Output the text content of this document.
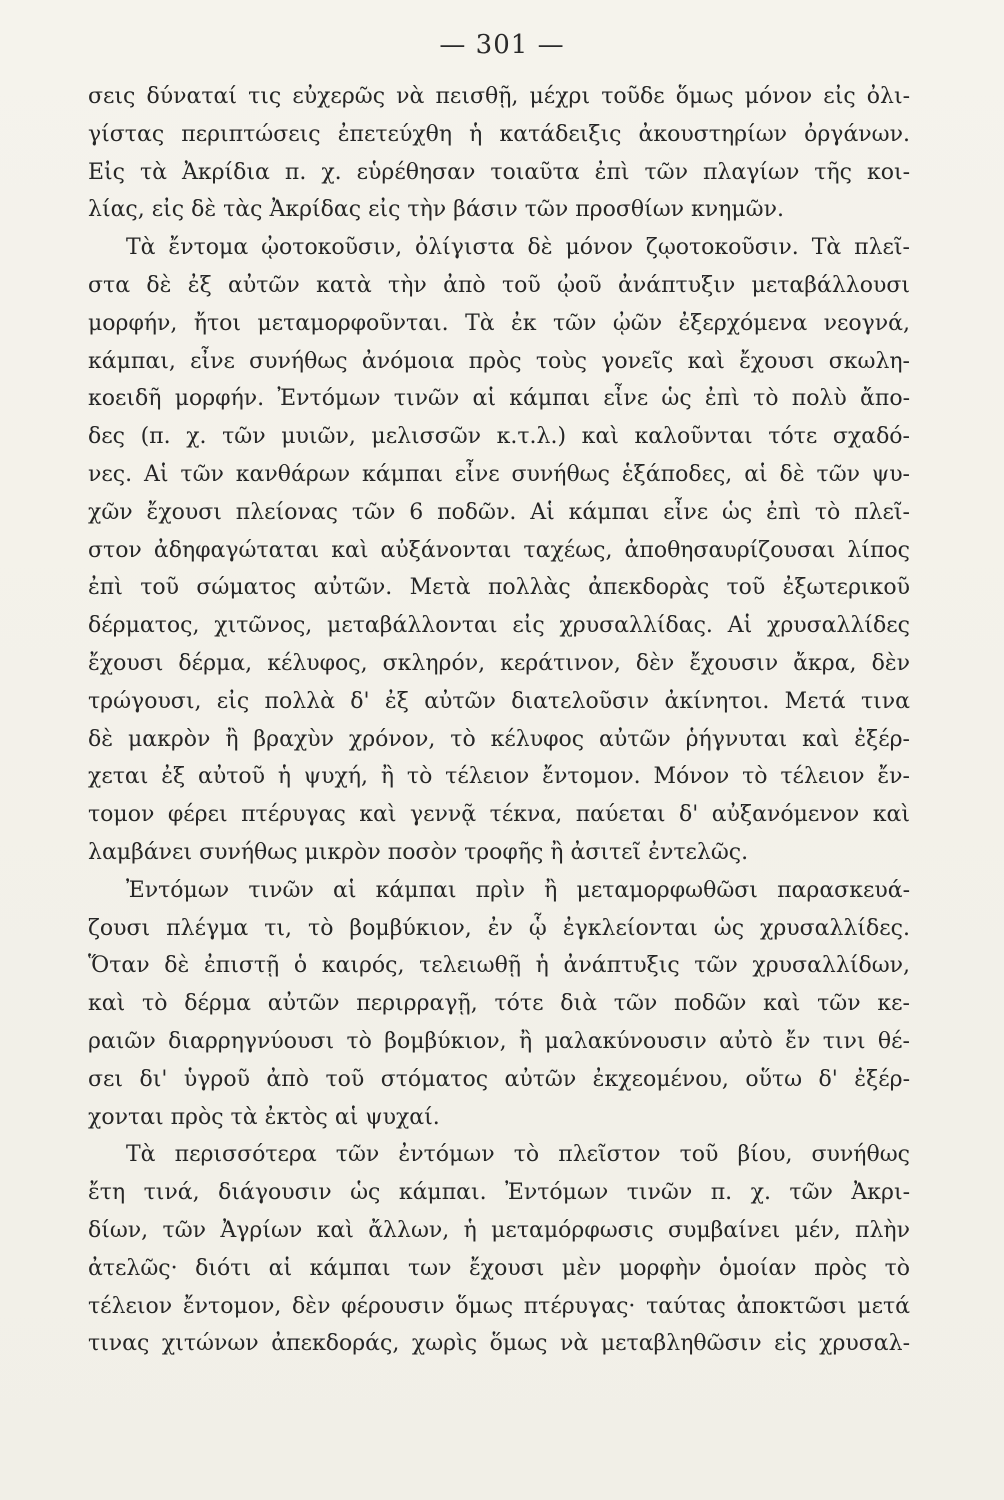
— 301 —
σεις δύναταί τις εὐχερῶς νὰ πεισθῇ, μέχρι τοῦδε ὅμως μόνον εἰς ὀλι-
γίστας περιπτώσεις ἐπετεύχθη ἡ κατάδειξις ἀκουστηρίων ὀργάνων.
Εἰς τὰ Ἀκρίδια π. χ. εὑρέθησαν τοιαῦτα ἐπὶ τῶν πλαγίων τῆς κοι-
λίας, εἰς δὲ τὰς Ἀκρίδας εἰς τὴν βάσιν τῶν προσθίων κνημῶν.
Τὰ ἔντομα ᾠοτοκοῦσιν, ὀλίγιστα δὲ μόνον ζῳοτοκοῦσιν. Τὰ πλεῖ-
στα δὲ ἐξ αὐτῶν κατὰ τὴν ἀπὸ τοῦ ᾠοῦ ἀνάπτυξιν μεταβάλλουσι
μορφήν, ἤτοι μεταμορφοῦνται. Τὰ ἐκ τῶν ᾠῶν ἐξερχόμενα νεογνά,
κάμπαι, εἶνε συνήθως ἀνόμοια πρὸς τοὺς γονεῖς καὶ ἔχουσι σκωλη-
κοειδῆ μορφήν. Ἐντόμων τινῶν αἱ κάμπαι εἶνε ὡς ἐπὶ τὸ πολὺ ἄπο-
δες (π. χ. τῶν μυιῶν, μελισσῶν κ.τ.λ.) καὶ καλοῦνται τότε σχαδό-
νες. Αἱ τῶν κανθάρων κάμπαι εἶνε συνήθως ἑξάποδες, αἱ δὲ τῶν ψυ-
χῶν ἔχουσι πλείονας τῶν 6 ποδῶν. Αἱ κάμπαι εἶνε ὡς ἐπὶ τὸ πλεῖ-
στον ἀδηφαγώταται καὶ αὐξάνονται ταχέως, ἀποθησαυρίζουσαι λίπος
ἐπὶ τοῦ σώματος αὐτῶν. Μετὰ πολλὰς ἀπεκδορὰς τοῦ ἐξωτερικοῦ
δέρματος, χιτῶνος, μεταβάλλονται εἰς χρυσαλλίδας. Αἱ χρυσαλλίδες
ἔχουσι δέρμα, κέλυφος, σκληρόν, κεράτινον, δὲν ἔχουσιν ἄκρα, δὲν
τρώγουσι, εἰς πολλὰ δ' ἐξ αὐτῶν διατελοῦσιν ἀκίνητοι. Μετά τινα
δὲ μακρὸν ἢ βραχὺν χρόνον, τὸ κέλυφος αὐτῶν ῥήγνυται καὶ ἐξέρ-
χεται ἐξ αὐτοῦ ἡ ψυχή, ἢ τὸ τέλειον ἔντομον. Μόνον τὸ τέλειον ἔν-
τομον φέρει πτέρυγας καὶ γεννᾷ τέκνα, παύεται δ' αὐξανόμενον καὶ
λαμβάνει συνήθως μικρὸν ποσὸν τροφῆς ἢ ἀσιτεῖ ἐντελῶς.
Ἐντόμων τινῶν αἱ κάμπαι πρὶν ἢ μεταμορφωθῶσι παρασκευά-
ζουσι πλέγμα τι, τὸ βομβύκιον, ἐν ᾧ ἐγκλείονται ὡς χρυσαλλίδες.
Ὅταν δὲ ἐπιστῇ ὁ καιρός, τελειωθῇ ἡ ἀνάπτυξις τῶν χρυσαλλίδων,
καὶ τὸ δέρμα αὐτῶν περιρραγῇ, τότε διὰ τῶν ποδῶν καὶ τῶν κε-
ραιῶν διαρρηγνύουσι τὸ βομβύκιον, ἢ μαλακύνουσιν αὐτὸ ἔν τινι θέ-
σει δι' ὑγροῦ ἀπὸ τοῦ στόματος αὐτῶν ἐκχεομένου, οὕτω δ' ἐξέρ-
χονται πρὸς τὰ ἐκτὸς αἱ ψυχαί.
Τὰ περισσότερα τῶν ἐντόμων τὸ πλεῖστον τοῦ βίου, συνήθως
ἔτη τινά, διάγουσιν ὡς κάμπαι. Ἐντόμων τινῶν π. χ. τῶν Ἀκρι-
δίων, τῶν Ἀγρίων καὶ ἄλλων, ἡ μεταμόρφωσις συμβαίνει μέν, πλὴν
ἀτελῶς· διότι αἱ κάμπαι των ἔχουσι μὲν μορφὴν ὁμοίαν πρὸς τὸ
τέλειον ἔντομον, δὲν φέρουσιν ὅμως πτέρυγας· ταύτας ἀποκτῶσι μετά
τινας χιτώνων ἀπεκδοράς, χωρὶς ὅμως νὰ μεταβληθῶσιν εἰς χρυσαλ-
